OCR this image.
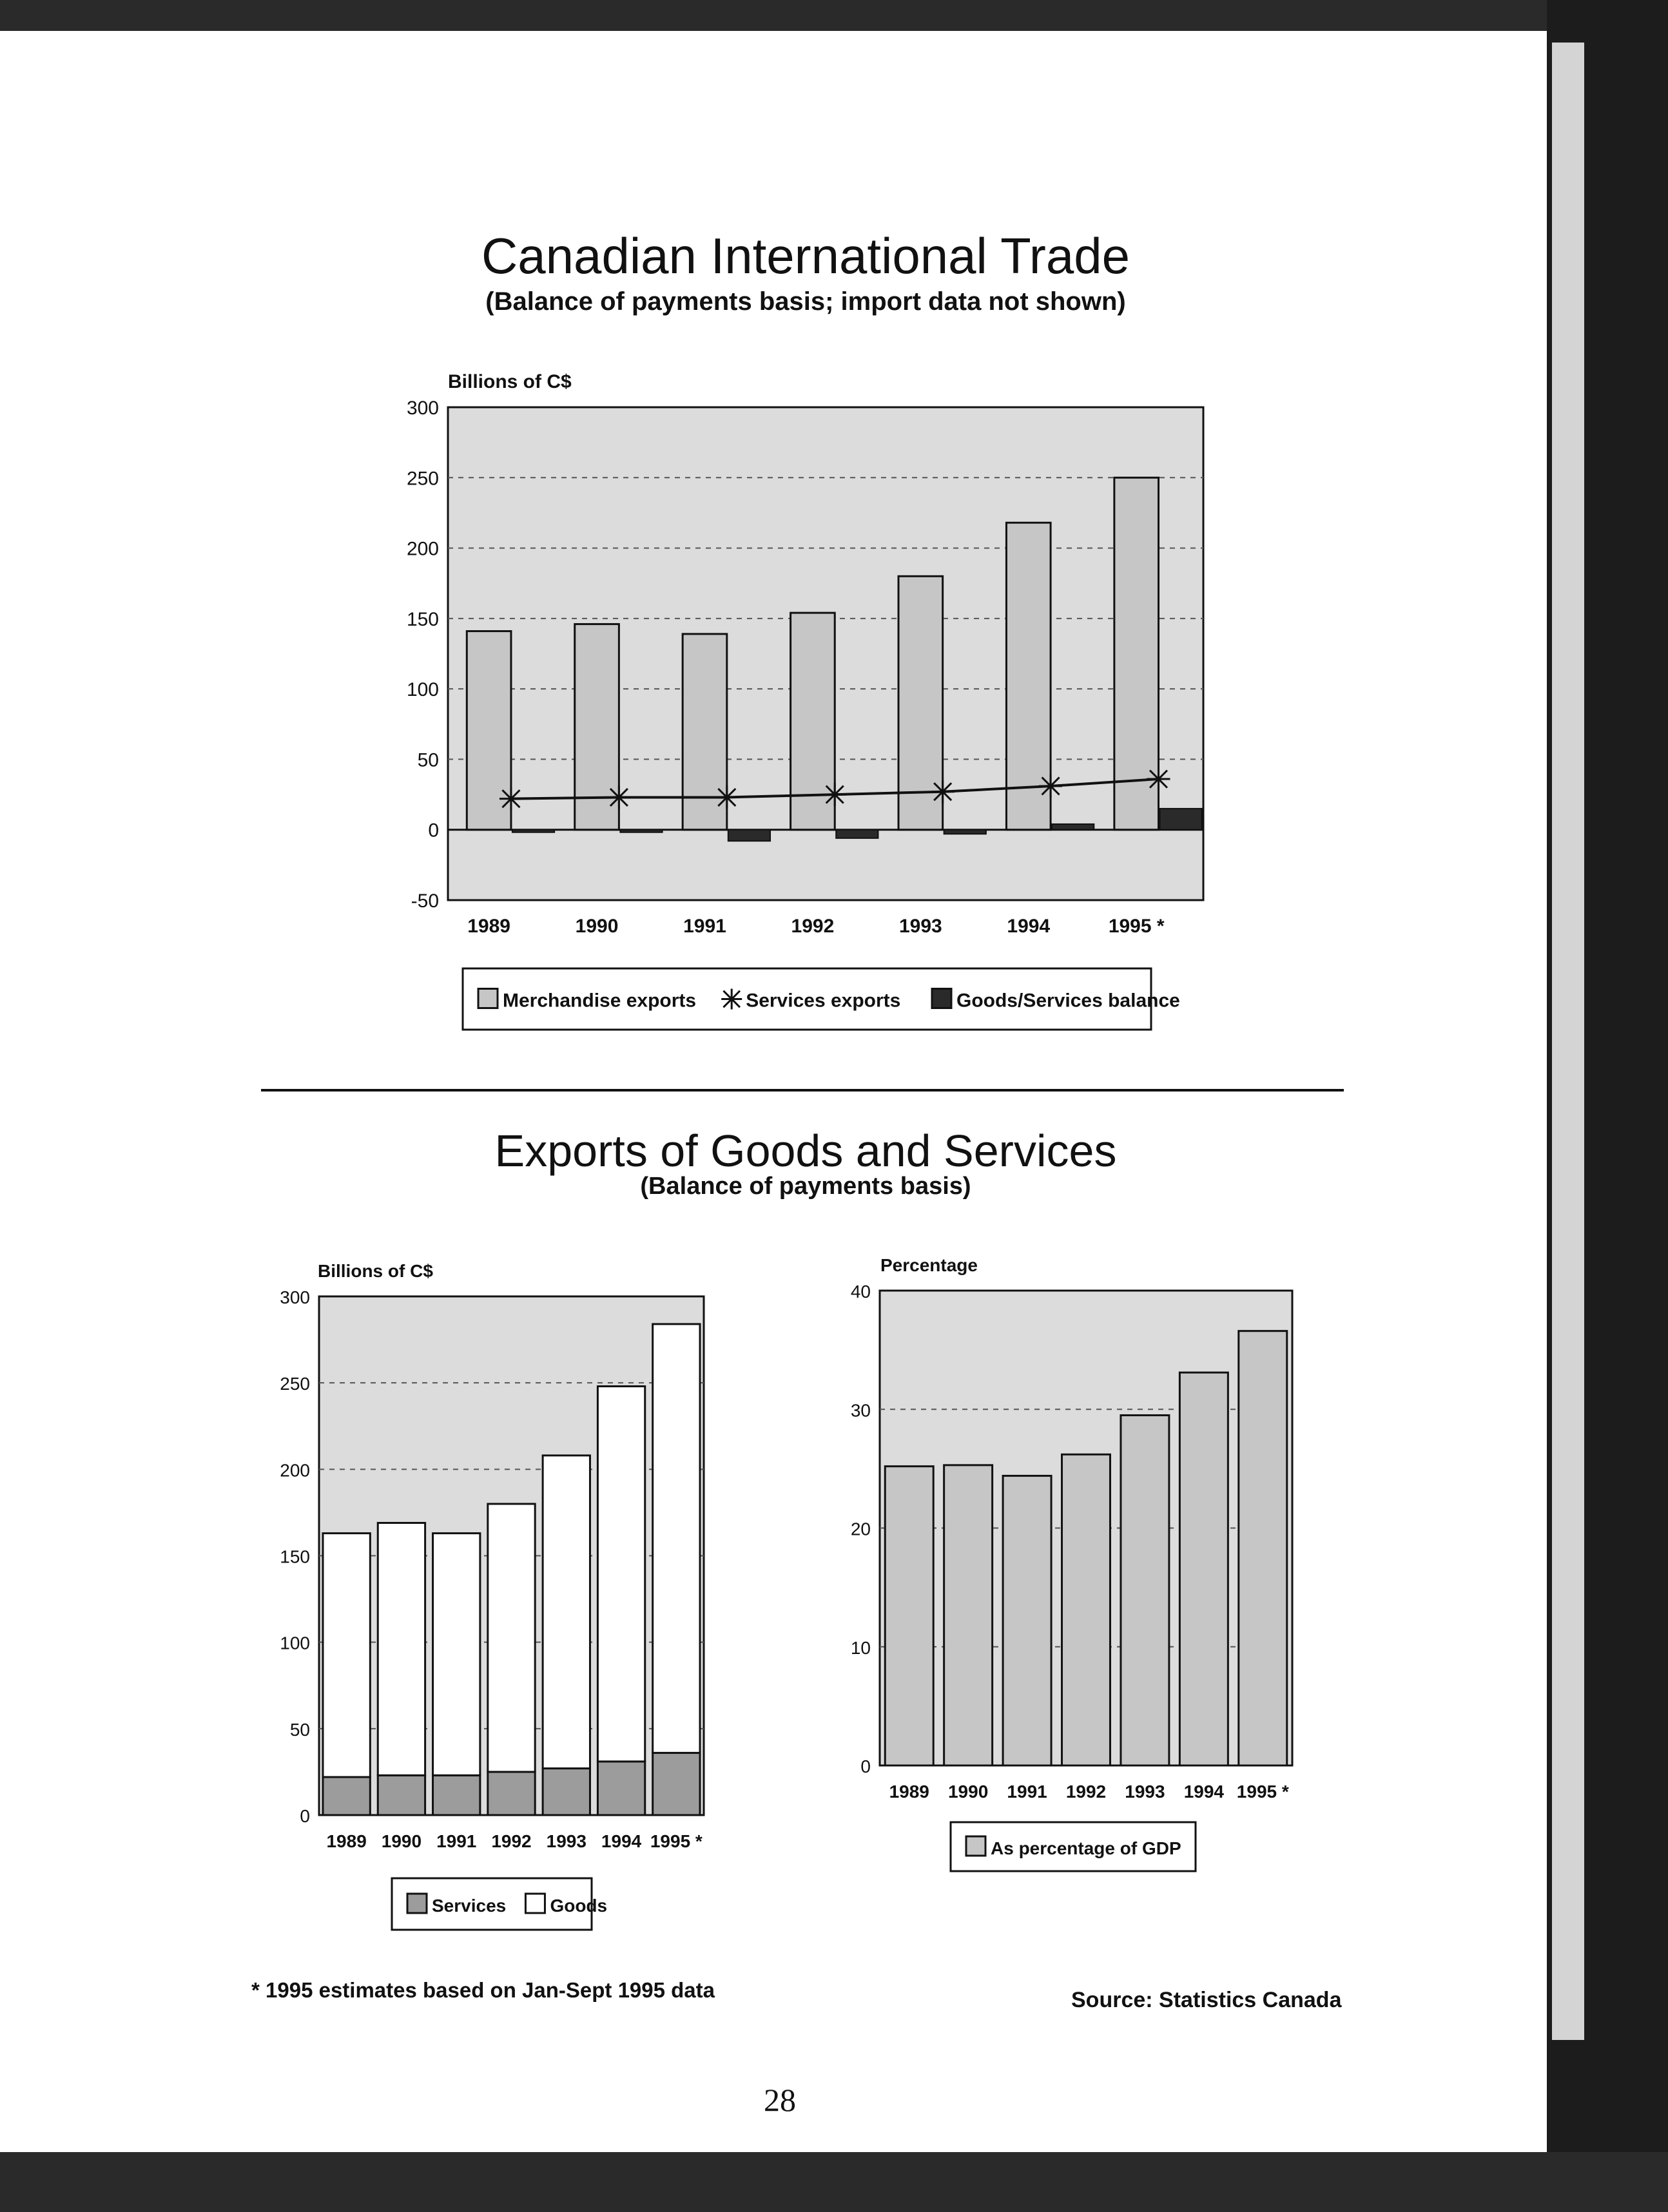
Canadian International Trade
(Balance of payments basis; import data not shown)
300
250
200
150
100
50
0
-50
Billions of C$
1989	1990	1991	1992	1993	1994	1995 *
Merchandise exports	Services exports	Goods/Services balance
Exports of Goods and Services
(Balance of payments basis)
300
250
200
150
100
50
0
Billions of C$
1989 1990 1991 1992 1993 1994 1995 *
Services Goods
40
30
20
10
0
Percentage
1989 1990 1991 1992 1993 1994 1995 *
As percentage of GDP
* 1995 estimates based on Jan-Sept 1995 data	Source: Statistics Canada
28
